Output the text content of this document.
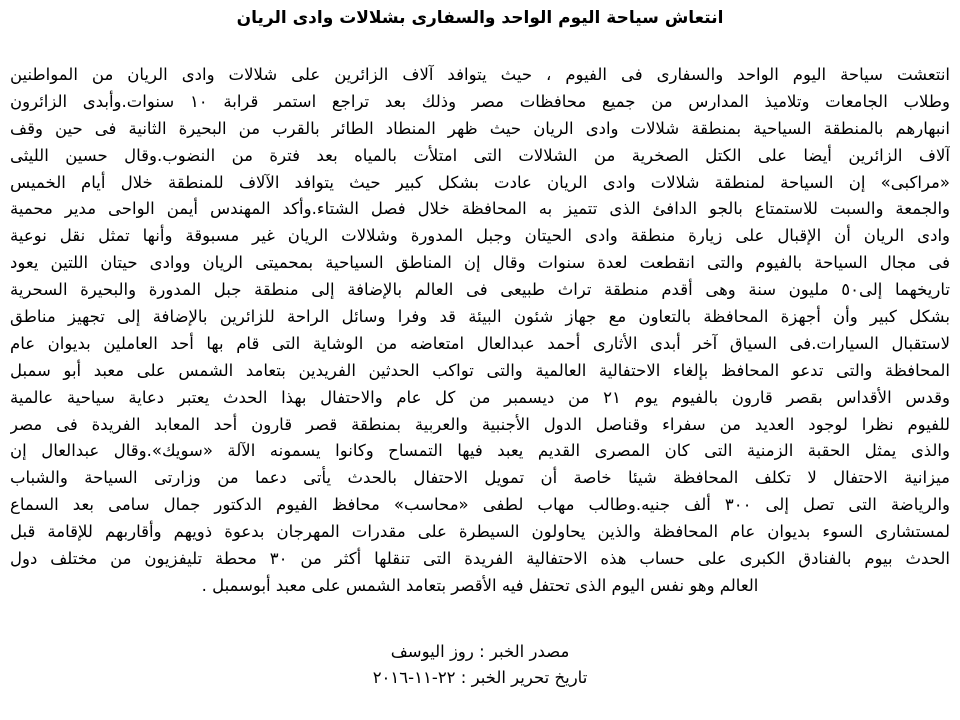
انتعاش سياحة اليوم الواحد والسفارى بشلالات وادى الريان
انتعشت سياحة اليوم الواحد والسفارى فى الفيوم ، حيث يتوافد آلاف الزائرين على شلالات وادى الريان من المواطنين
وطلاب الجامعات وتلاميذ المدارس من جميع محافظات مصر وذلك بعد تراجع استمر قرابة ١٠ سنوات.وأبدى الزائرون
انبهارهم بالمنطقة السياحية بمنطقة شلالات وادى الريان حيث ظهر المنطاد الطائر بالقرب من البحيرة الثانية فى حين وقف
آلاف الزائرين أيضا على الكتل الصخرية من الشلالات التى امتلأت بالمياه بعد فترة من النضوب.وقال حسين الليثى
«مراكبى» إن السياحة لمنطقة شلالات وادى الريان عادت بشكل كبير حيث يتوافد الآلاف للمنطقة خلال أيام الخميس
والجمعة والسبت للاستمتاع بالجو الدافئ الذى تتميز به المحافظة خلال فصل الشتاء.وأكد المهندس أيمن الواحى مدير محمية
وادى الريان أن الإقبال على زيارة منطقة وادى الحيتان وجبل المدورة وشلالات الريان غير مسبوقة وأنها تمثل نقل نوعية
فى مجال السياحة بالفيوم والتى انقطعت لعدة سنوات وقال إن المناطق السياحية بمحميتى الريان ووادى حيتان اللتين يعود
تاريخهما إلى٥٠ مليون سنة وهى أقدم منطقة تراث طبيعى فى العالم بالإضافة إلى منطقة جبل المدورة والبحيرة السحرية
بشكل كبير وأن أجهزة المحافظة بالتعاون مع جهاز شئون البيئة قد وفرا وسائل الراحة للزائرين بالإضافة إلى تجهيز مناطق
لاستقبال السيارات.فى السياق آخر أبدى الأثارى أحمد عبدالعال امتعاضه من الوشاية التى قام بها أحد العاملين بديوان عام
المحافظة والتى تدعو المحافظ بإلغاء الاحتفالية العالمية والتى تواكب الحدثين الفريدين بتعامد الشمس على معبد أبو سمبل
وقدس الأقداس بقصر قارون بالفيوم يوم ٢١ من ديسمبر من كل عام والاحتفال بهذا الحدث يعتبر دعاية سياحية عالمية
للفيوم نظرا لوجود العديد من سفراء وقناصل الدول الأجنبية والعربية بمنطقة قصر قارون أحد المعابد الفريدة فى مصر
والذى يمثل الحقبة الزمنية التى كان المصرى القديم يعبد فيها التمساح وكانوا يسمونه الآلة «سويك».وقال عبدالعال إن
ميزانية الاحتفال لا تكلف المحافظة شيئا خاصة أن تمويل الاحتفال بالحدث يأتى دعما من وزارتى السياحة والشباب
والرياضة التى تصل إلى ٣٠٠ ألف جنيه.وطالب مهاب لطفى «محاسب» محافظ الفيوم الدكتور جمال سامى بعد السماع
لمستشارى السوء بديوان عام المحافظة والذين يحاولون السيطرة على مقدرات المهرجان بدعوة ذويهم وأقاربهم للإقامة قبل
الحدث بيوم بالفنادق الكبرى على حساب هذه الاحتفالية الفريدة التى تنقلها أكثر من ٣٠ محطة تليفزيون من مختلف دول
العالم وهو نفس اليوم الذى تحتفل فيه الأقصر بتعامد الشمس على معبد أبوسمبل .

مصدر الخبر : روز اليوسف

تاريخ تحرير الخبر : ٢٢-١١-٢٠١٦
